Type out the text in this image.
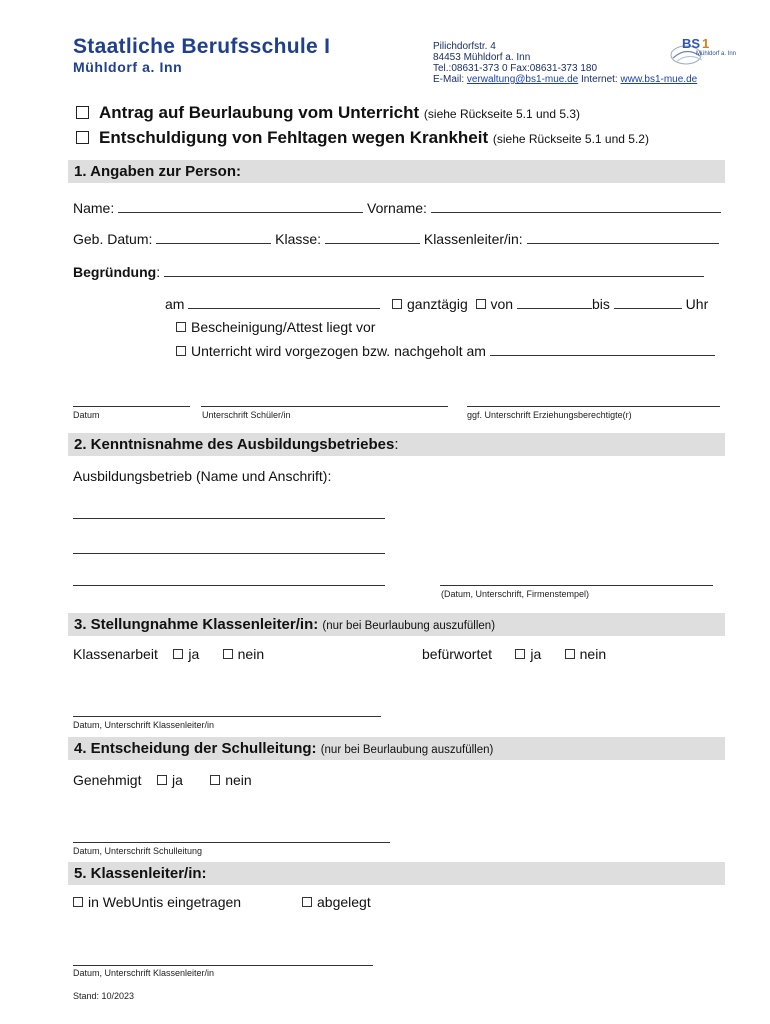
Staatliche Berufsschule I
Mühldorf a. Inn
Pilichdorfstr. 4
84453 Mühldorf a. Inn
Tel.:08631-373 0 Fax:08631-373 180
E-Mail: verwaltung@bs1-mue.de Internet: www.bs1-mue.de
BS 1
Mühldorf a. Inn
Antrag auf Beurlaubung vom Unterricht (siehe Rückseite 5.1 und 5.3)
Entschuldigung von Fehltagen wegen Krankheit (siehe Rückseite 5.1 und 5.2)
1. Angaben zur Person:
Name:	Vorname:
Geb. Datum:	Klasse:	Klassenleiter/in:
Begründung:
am	ganztägig von	bis	Uhr
Bescheinigung/Attest liegt vor
Unterricht wird vorgezogen bzw. nachgeholt am
Datum	Unterschrift Schüler/in	ggf. Unterschrift Erziehungsberechtigte(r)
2. Kenntnisnahme des Ausbildungsbetriebes:
Ausbildungsbetrieb (Name und Anschrift):
(Datum, Unterschrift, Firmenstempel)
3. Stellungnahme Klassenleiter/in: (nur bei Beurlaubung auszufüllen)
Klassenarbeit ja	nein	befürwortet	ja	nein
Datum, Unterschrift Klassenleiter/in
4. Entscheidung der Schulleitung: (nur bei Beurlaubung auszufüllen)
Genehmigt ja	nein
Datum, Unterschrift Schulleitung
5. Klassenleiter/in:
in WebUntis eingetragen	abgelegt
Datum, Unterschrift Klassenleiter/in
Stand: 10/2023
